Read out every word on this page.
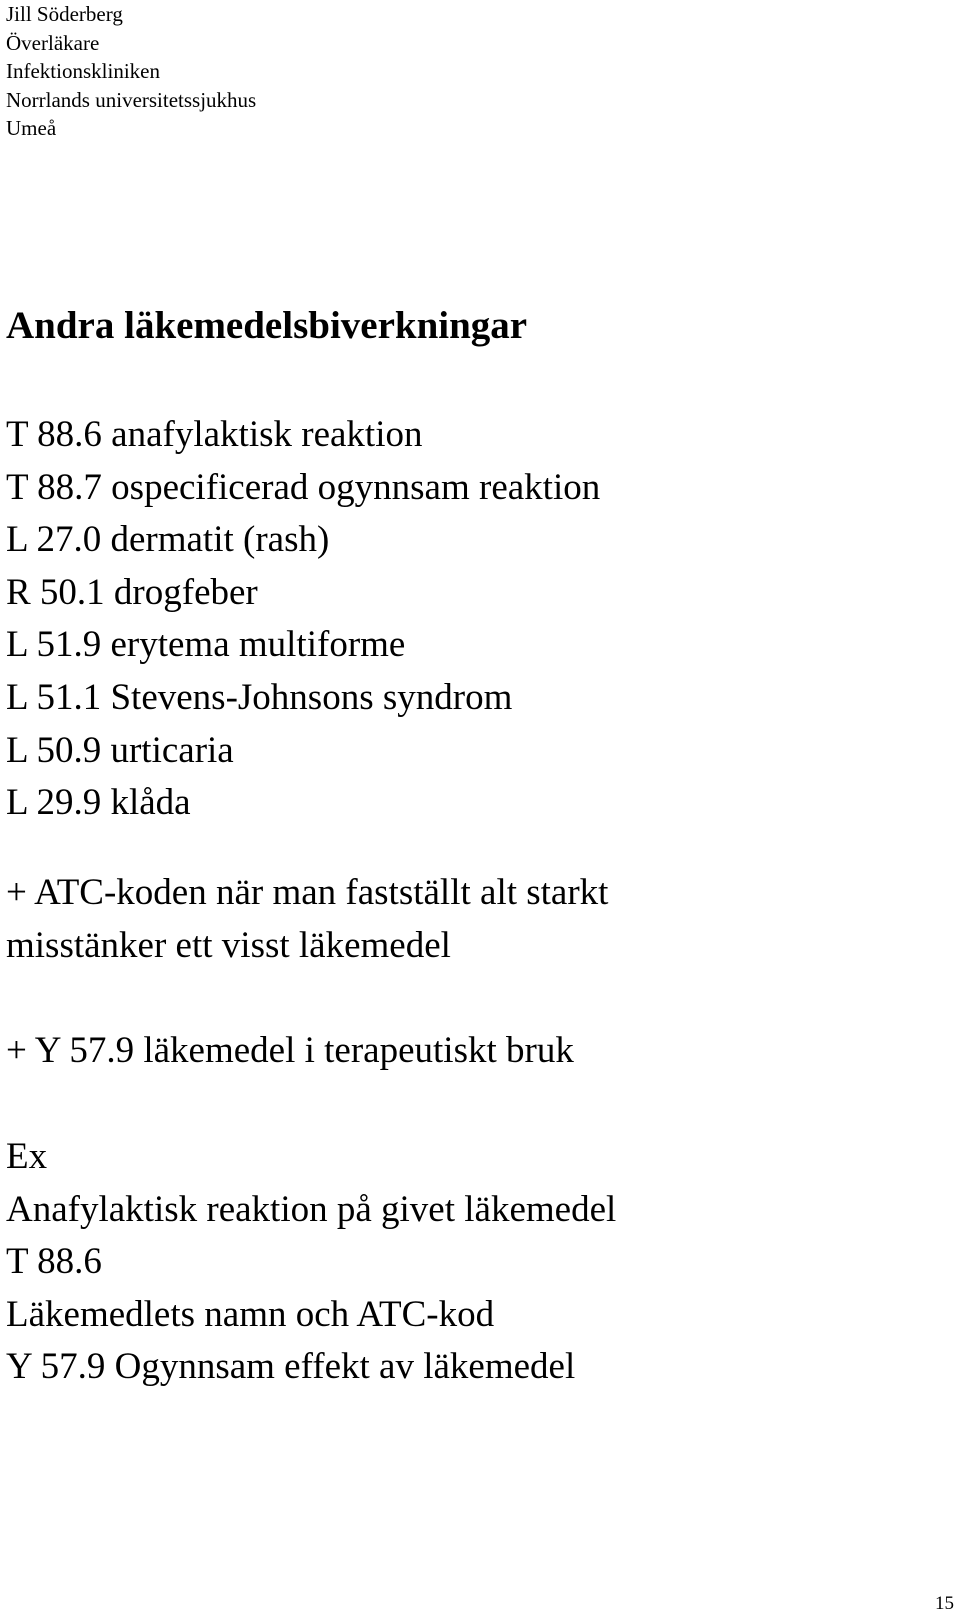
Jill Söderberg
Överläkare
Infektionskliniken
Norrlands universitetssjukhus
Umeå
Andra läkemedelsbiverkningar
T 88.6 anafylaktisk reaktion
T 88.7 ospecificerad ogynnsam reaktion
L 27.0 dermatit (rash)
R 50.1 drogfeber
L 51.9 erytema multiforme
L 51.1 Stevens-Johnsons syndrom
L 50.9 urticaria
L 29.9 klåda
+ ATC-koden när man fastställt alt starkt
misstänker ett visst läkemedel
+ Y 57.9 läkemedel i terapeutiskt bruk
Ex
Anafylaktisk reaktion på givet läkemedel
T 88.6
Läkemedlets namn och ATC-kod
Y 57.9 Ogynnsam effekt av läkemedel
15
